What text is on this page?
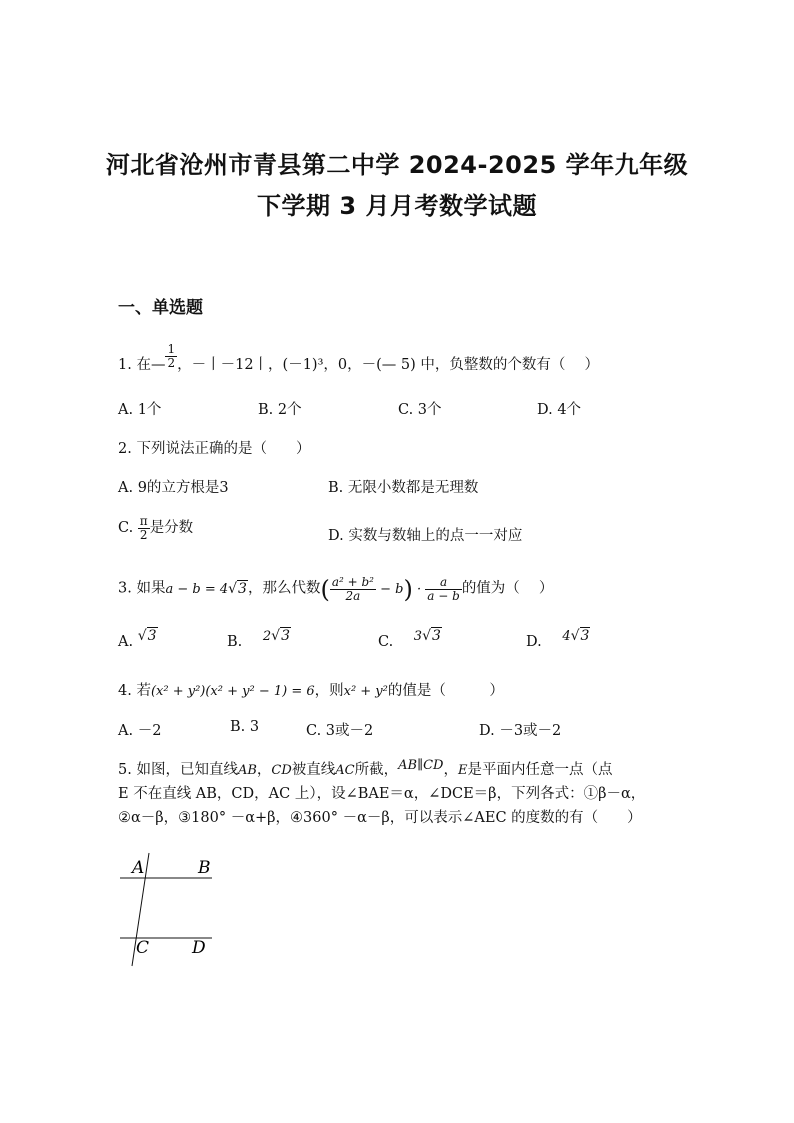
河北省沧州市青县第二中学 2024-2025 学年九年级
下学期 3 月月考数学试题
一、单选题
1. 在— $\frac{1}{2}$ ，－丨－12丨，(－1)³，0，－(— 5) 中，负整数的个数有（　 ）
A. 1个	B. 2个	C. 3个	D. 4个
2. 下列说法正确的是（　　）
A. 9的立方根是3	B. 无限小数都是无理数
C. $\frac{\pi}{2}$ 是分数	D. 实数与数轴上的点一一对应
3. 如果a − b = 4√3，那么代数( $\frac{\text{a² + b²}}{2a} - b) \cdot \frac{a}{a - b}$ 的值为（　 ）
A. √3	B. 2√3	C. 3√3	D. 4√3
4. 若(x² + y²)(x² + y² − 1) = 6，则x² + y²的值是（　　　）
A. －2	B. 3	C. 3或－2	D. －3或－2
5. 如图，已知直线AB，CD被直线AC所截，AB∥CD，E是平面内任意一点（点
E 不在直线 AB，CD，AC 上），设∠BAE＝α，∠DCE＝β，下列各式：①β－α，
②α－β，③180° －α+β，④360° －α－β，可以表示∠AEC 的度数的有（　　）
A	B
C	D
